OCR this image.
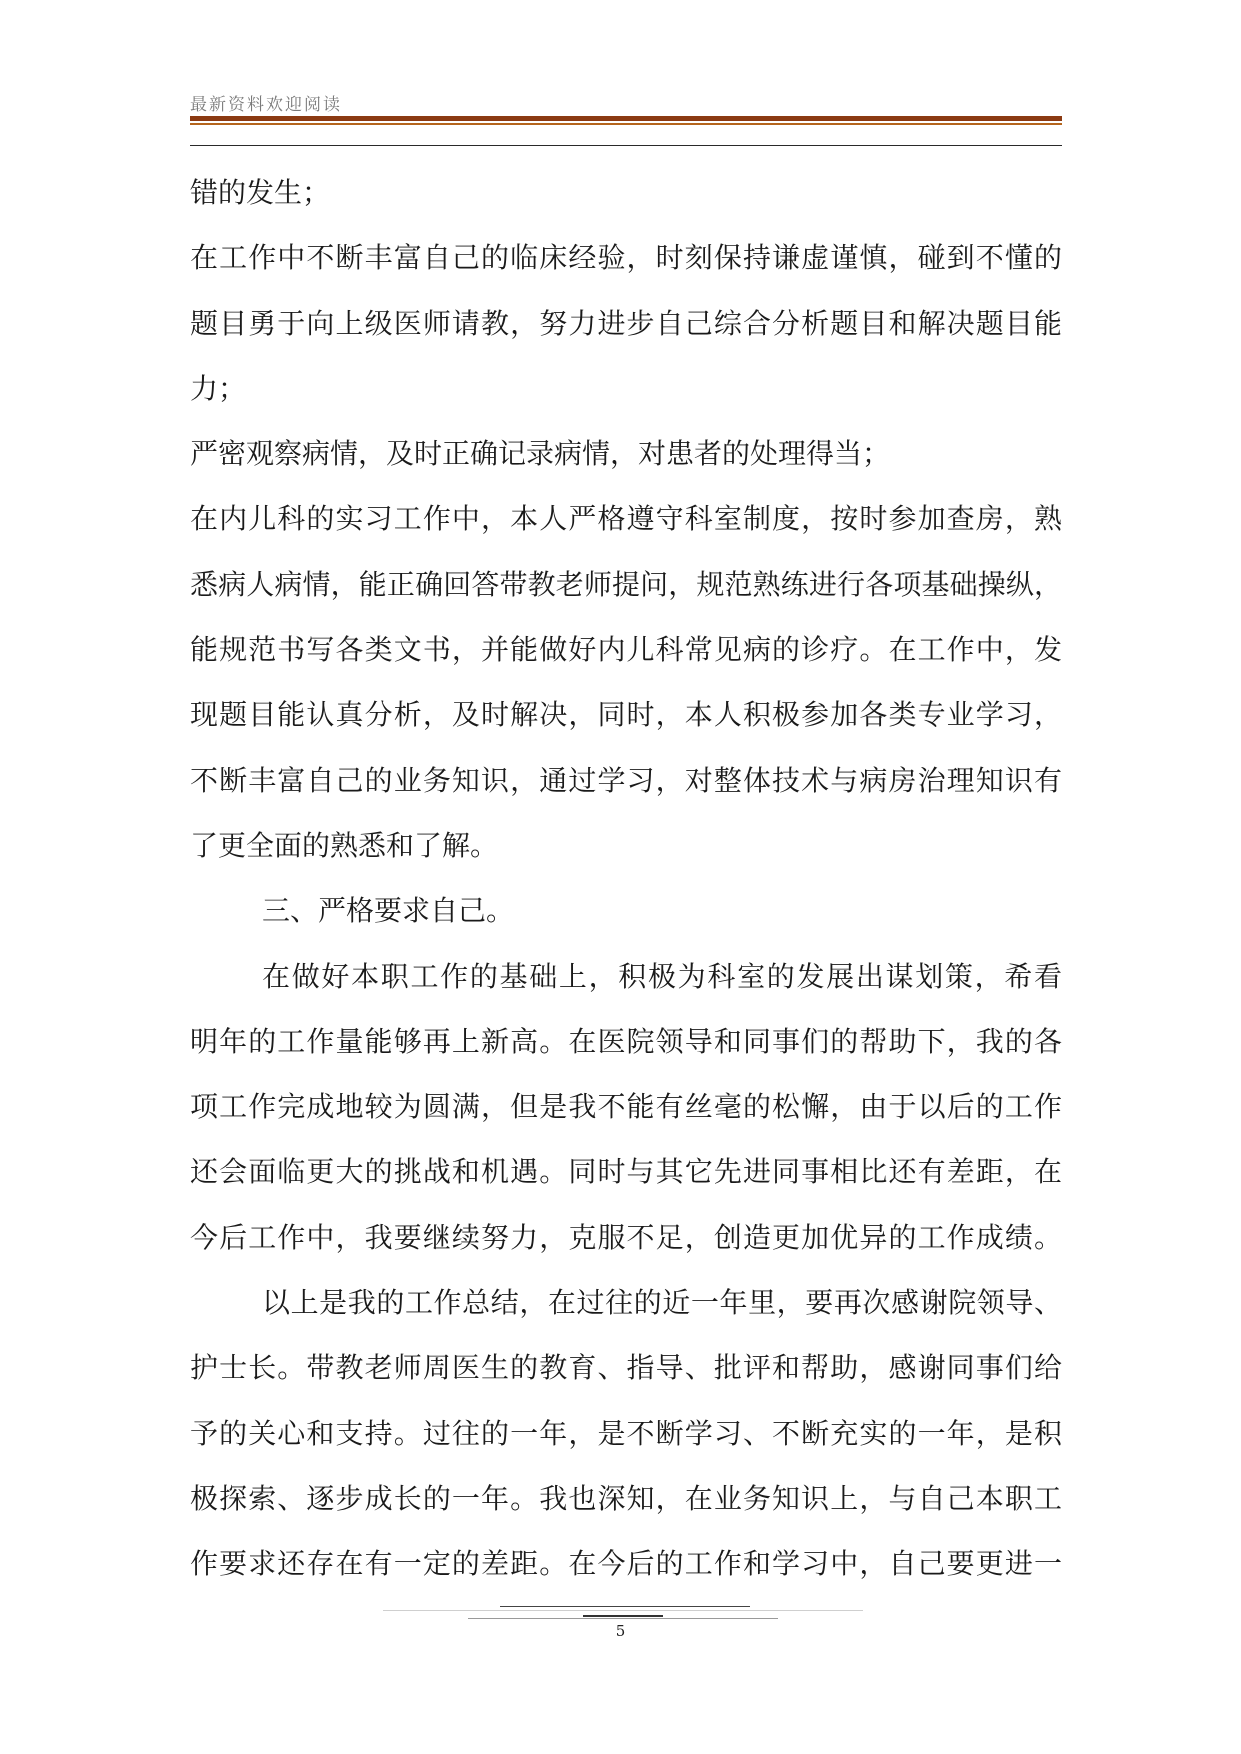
最新资料欢迎阅读
错的发生；
在工作中不断丰富自己的临床经验，时刻保持谦虚谨慎，碰到不懂的
题目勇于向上级医师请教，努力进步自己综合分析题目和解决题目能
力；
严密观察病情，及时正确记录病情，对患者的处理得当；
在内儿科的实习工作中，本人严格遵守科室制度，按时参加查房，熟
悉病人病情，能正确回答带教老师提问，规范熟练进行各项基础操纵，
能规范书写各类文书，并能做好内儿科常见病的诊疗。在工作中，发
现题目能认真分析，及时解决，同时，本人积极参加各类专业学习，
不断丰富自己的业务知识，通过学习，对整体技术与病房治理知识有
了更全面的熟悉和了解。
三、严格要求自己。
在做好本职工作的基础上，积极为科室的发展出谋划策，希看
明年的工作量能够再上新高。在医院领导和同事们的帮助下，我的各
项工作完成地较为圆满，但是我不能有丝毫的松懈，由于以后的工作
还会面临更大的挑战和机遇。同时与其它先进同事相比还有差距，在
今后工作中，我要继续努力，克服不足，创造更加优异的工作成绩。
以上是我的工作总结，在过往的近一年里，要再次感谢院领导、
护士长。带教老师周医生的教育、指导、批评和帮助，感谢同事们给
予的关心和支持。过往的一年，是不断学习、不断充实的一年，是积
极探索、逐步成长的一年。我也深知，在业务知识上，与自己本职工
作要求还存在有一定的差距。在今后的工作和学习中，自己要更进一
5
